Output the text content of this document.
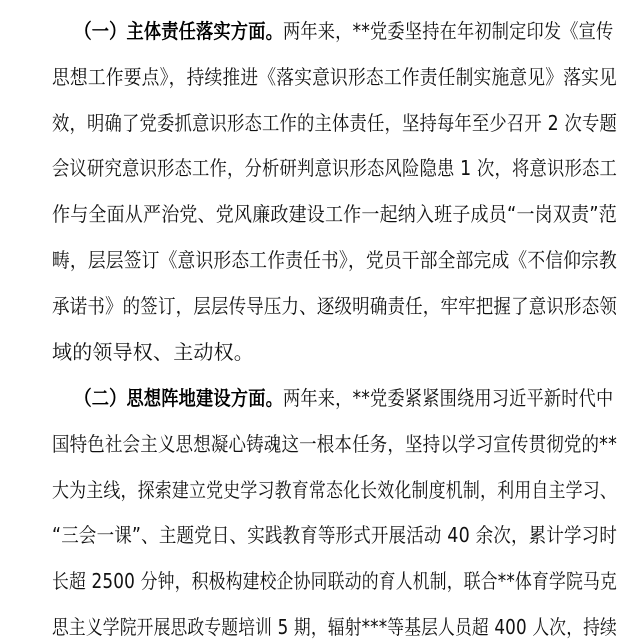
（一）主体责任落实方面。两年来，**党委坚持在年初制定印发《宣传
思想工作要点》，持续推进《落实意识形态工作责任制实施意见》落实见
效，明确了党委抓意识形态工作的主体责任，坚持每年至少召开 2 次专题
会议研究意识形态工作，分析研判意识形态风险隐患 1 次，将意识形态工
作与全面从严治党、党风廉政建设工作一起纳入班子成员“一岗双责”范
畴，层层签订《意识形态工作责任书》，党员干部全部完成《不信仰宗教
承诺书》的签订，层层传导压力、逐级明确责任，牢牢把握了意识形态领
域的领导权、主动权。
（二）思想阵地建设方面。两年来，**党委紧紧围绕用习近平新时代中
国特色社会主义思想凝心铸魂这一根本任务，坚持以学习宣传贯彻党的**
大为主线，探索建立党史学习教育常态化长效化制度机制，利用自主学习、
“三会一课”、主题党日、实践教育等形式开展活动 40 余次，累计学习时
长超 2500 分钟，积极构建校企协同联动的育人机制，联合**体育学院马克
思主义学院开展思政专题培训 5 期，辐射***等基层人员超 400 人次，持续
